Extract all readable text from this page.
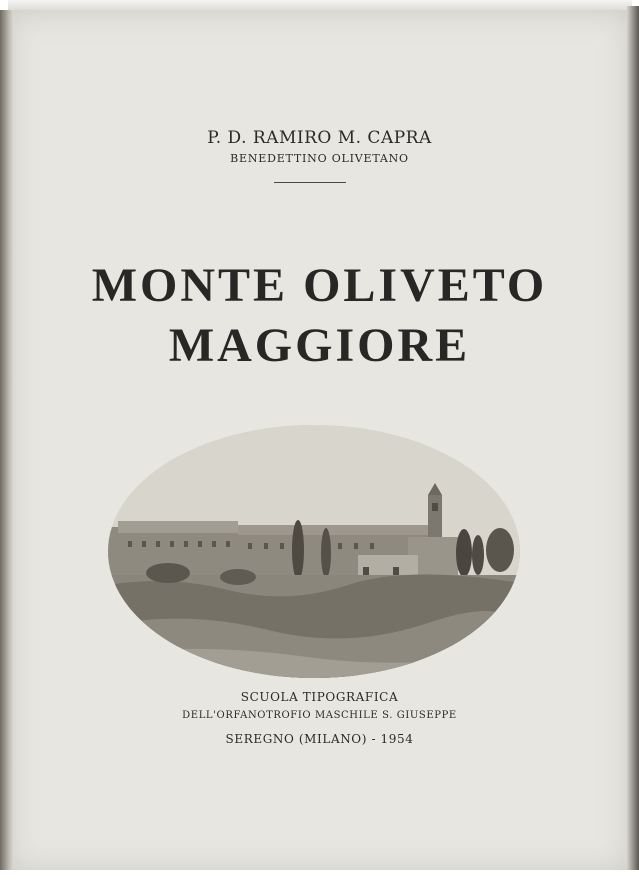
P. D. RAMIRO M. CAPRA
BENEDETTINO OLIVETANO
MONTE OLIVETO
MAGGIORE
SCUOLA TIPOGRAFICA
DELL'ORFANOTROFIO MASCHILE S. GIUSEPPE
SEREGNO (MILANO) - 1954
